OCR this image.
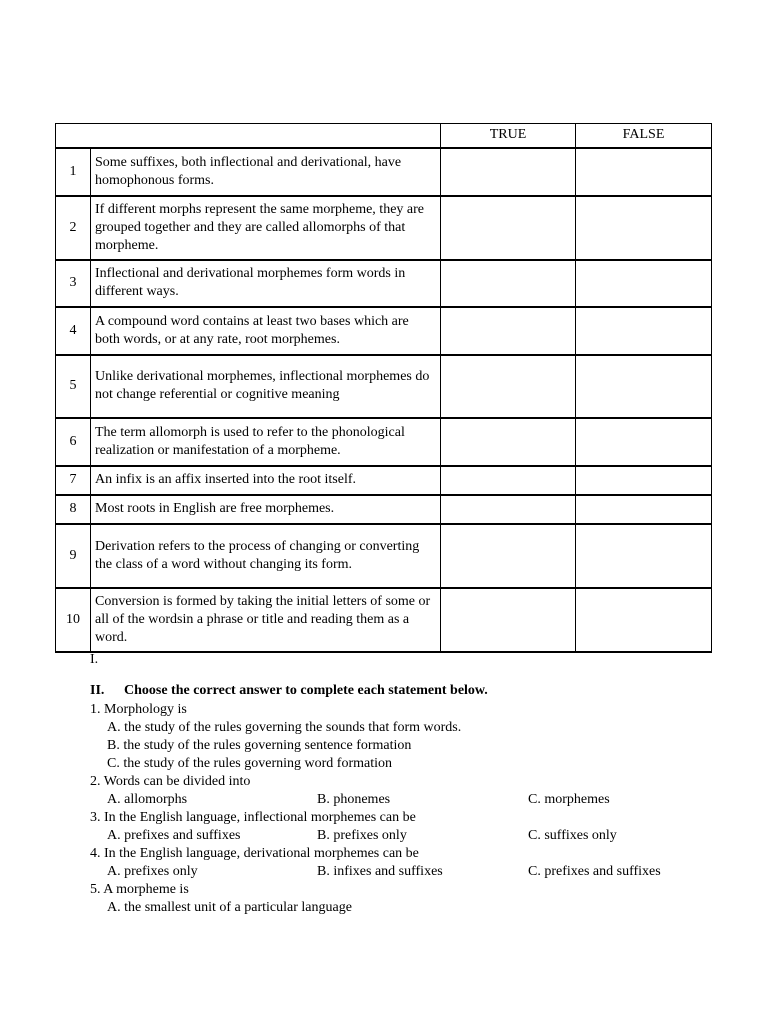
		TRUE	FALSE
1	Some suffixes, both inflectional and derivational, have homophonous forms.		
2	If different morphs represent the same morpheme, they are grouped together and they are called allomorphs of that morpheme.		
3	Inflectional and derivational morphemes form words in different ways.		
4	A compound word contains at least two bases which are both words, or at any rate, root morphemes.		
5	Unlike derivational morphemes, inflectional morphemes do not change referential or cognitive meaning		
6	The term allomorph is used to refer to the phonological realization or manifestation of a morpheme.		
7	An infix is an affix inserted into the root itself.		
8	Most roots in English are free morphemes.		
9	Derivation refers to the process of changing or converting the class of a word without changing its form.		
10	Conversion is formed by taking the initial letters of some or all of the wordsin a phrase or title and reading them as a word.		
I.
II. Choose the correct answer to complete each statement below.
1. Morphology is
A. the study of the rules governing the sounds that form words.
B. the study of the rules governing sentence formation
C. the study of the rules governing word formation
2. Words can be divided into
A. allomorphs	B. phonemes	C. morphemes
3. In the English language, inflectional morphemes can be
A. prefixes and suffixes	B. prefixes only	C. suffixes only
4. In the English language, derivational morphemes can be
A. prefixes only	B. infixes and suffixes	C. prefixes and suffixes
5. A morpheme is
A. the smallest unit of a particular language
